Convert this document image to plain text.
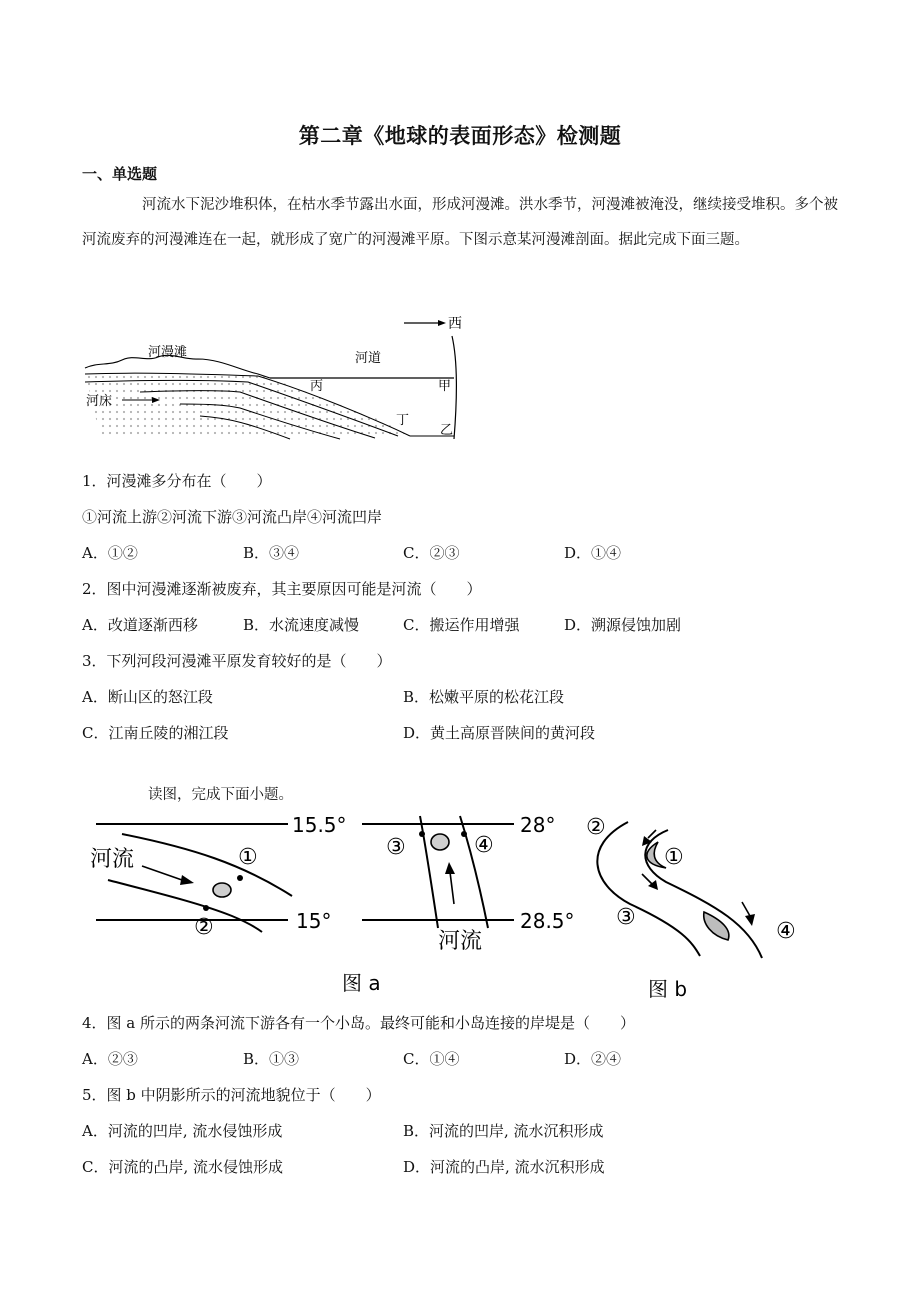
第二章《地球的表面形态》检测题
一、单选题
河流水下泥沙堆积体，在枯水季节露出水面，形成河漫滩。洪水季节，河漫滩被淹没，继续接受堆积。多个被河流废弃的河漫滩连在一起，就形成了宽广的河漫滩平原。下图示意某河漫滩剖面。据此完成下面三题。
西
河漫滩	河道
河床
丙	甲
丁
乙
1．河漫滩多分布在（　　）
①河流上游②河流下游③河流凸岸④河流凹岸
A．①②	B．③④	C．②③	D．①④
2．图中河漫滩逐渐被废弃，其主要原因可能是河流（　　）
A．改道逐渐西移	B．水流速度减慢	C．搬运作用增强	D．溯源侵蚀加剧
3．下列河段河漫滩平原发育较好的是（　　）
A．断山区的怒江段	B．松嫩平原的松花江段
C．江南丘陵的湘江段	D．黄土高原晋陕间的黄河段
读图，完成下面小题。
15.5°
15°
河流	①
②
28°
28.5°
河流
③	④
图 a
②
①
③
④
图 b
4．图 a 所示的两条河流下游各有一个小岛。最终可能和小岛连接的岸堤是（　　）
A．②③	B．①③	C．①④	D．②④
5．图 b 中阴影所示的河流地貌位于（　　）
A．河流的凹岸, 流水侵蚀形成	B．河流的凹岸, 流水沉积形成
C．河流的凸岸, 流水侵蚀形成	D．河流的凸岸, 流水沉积形成
